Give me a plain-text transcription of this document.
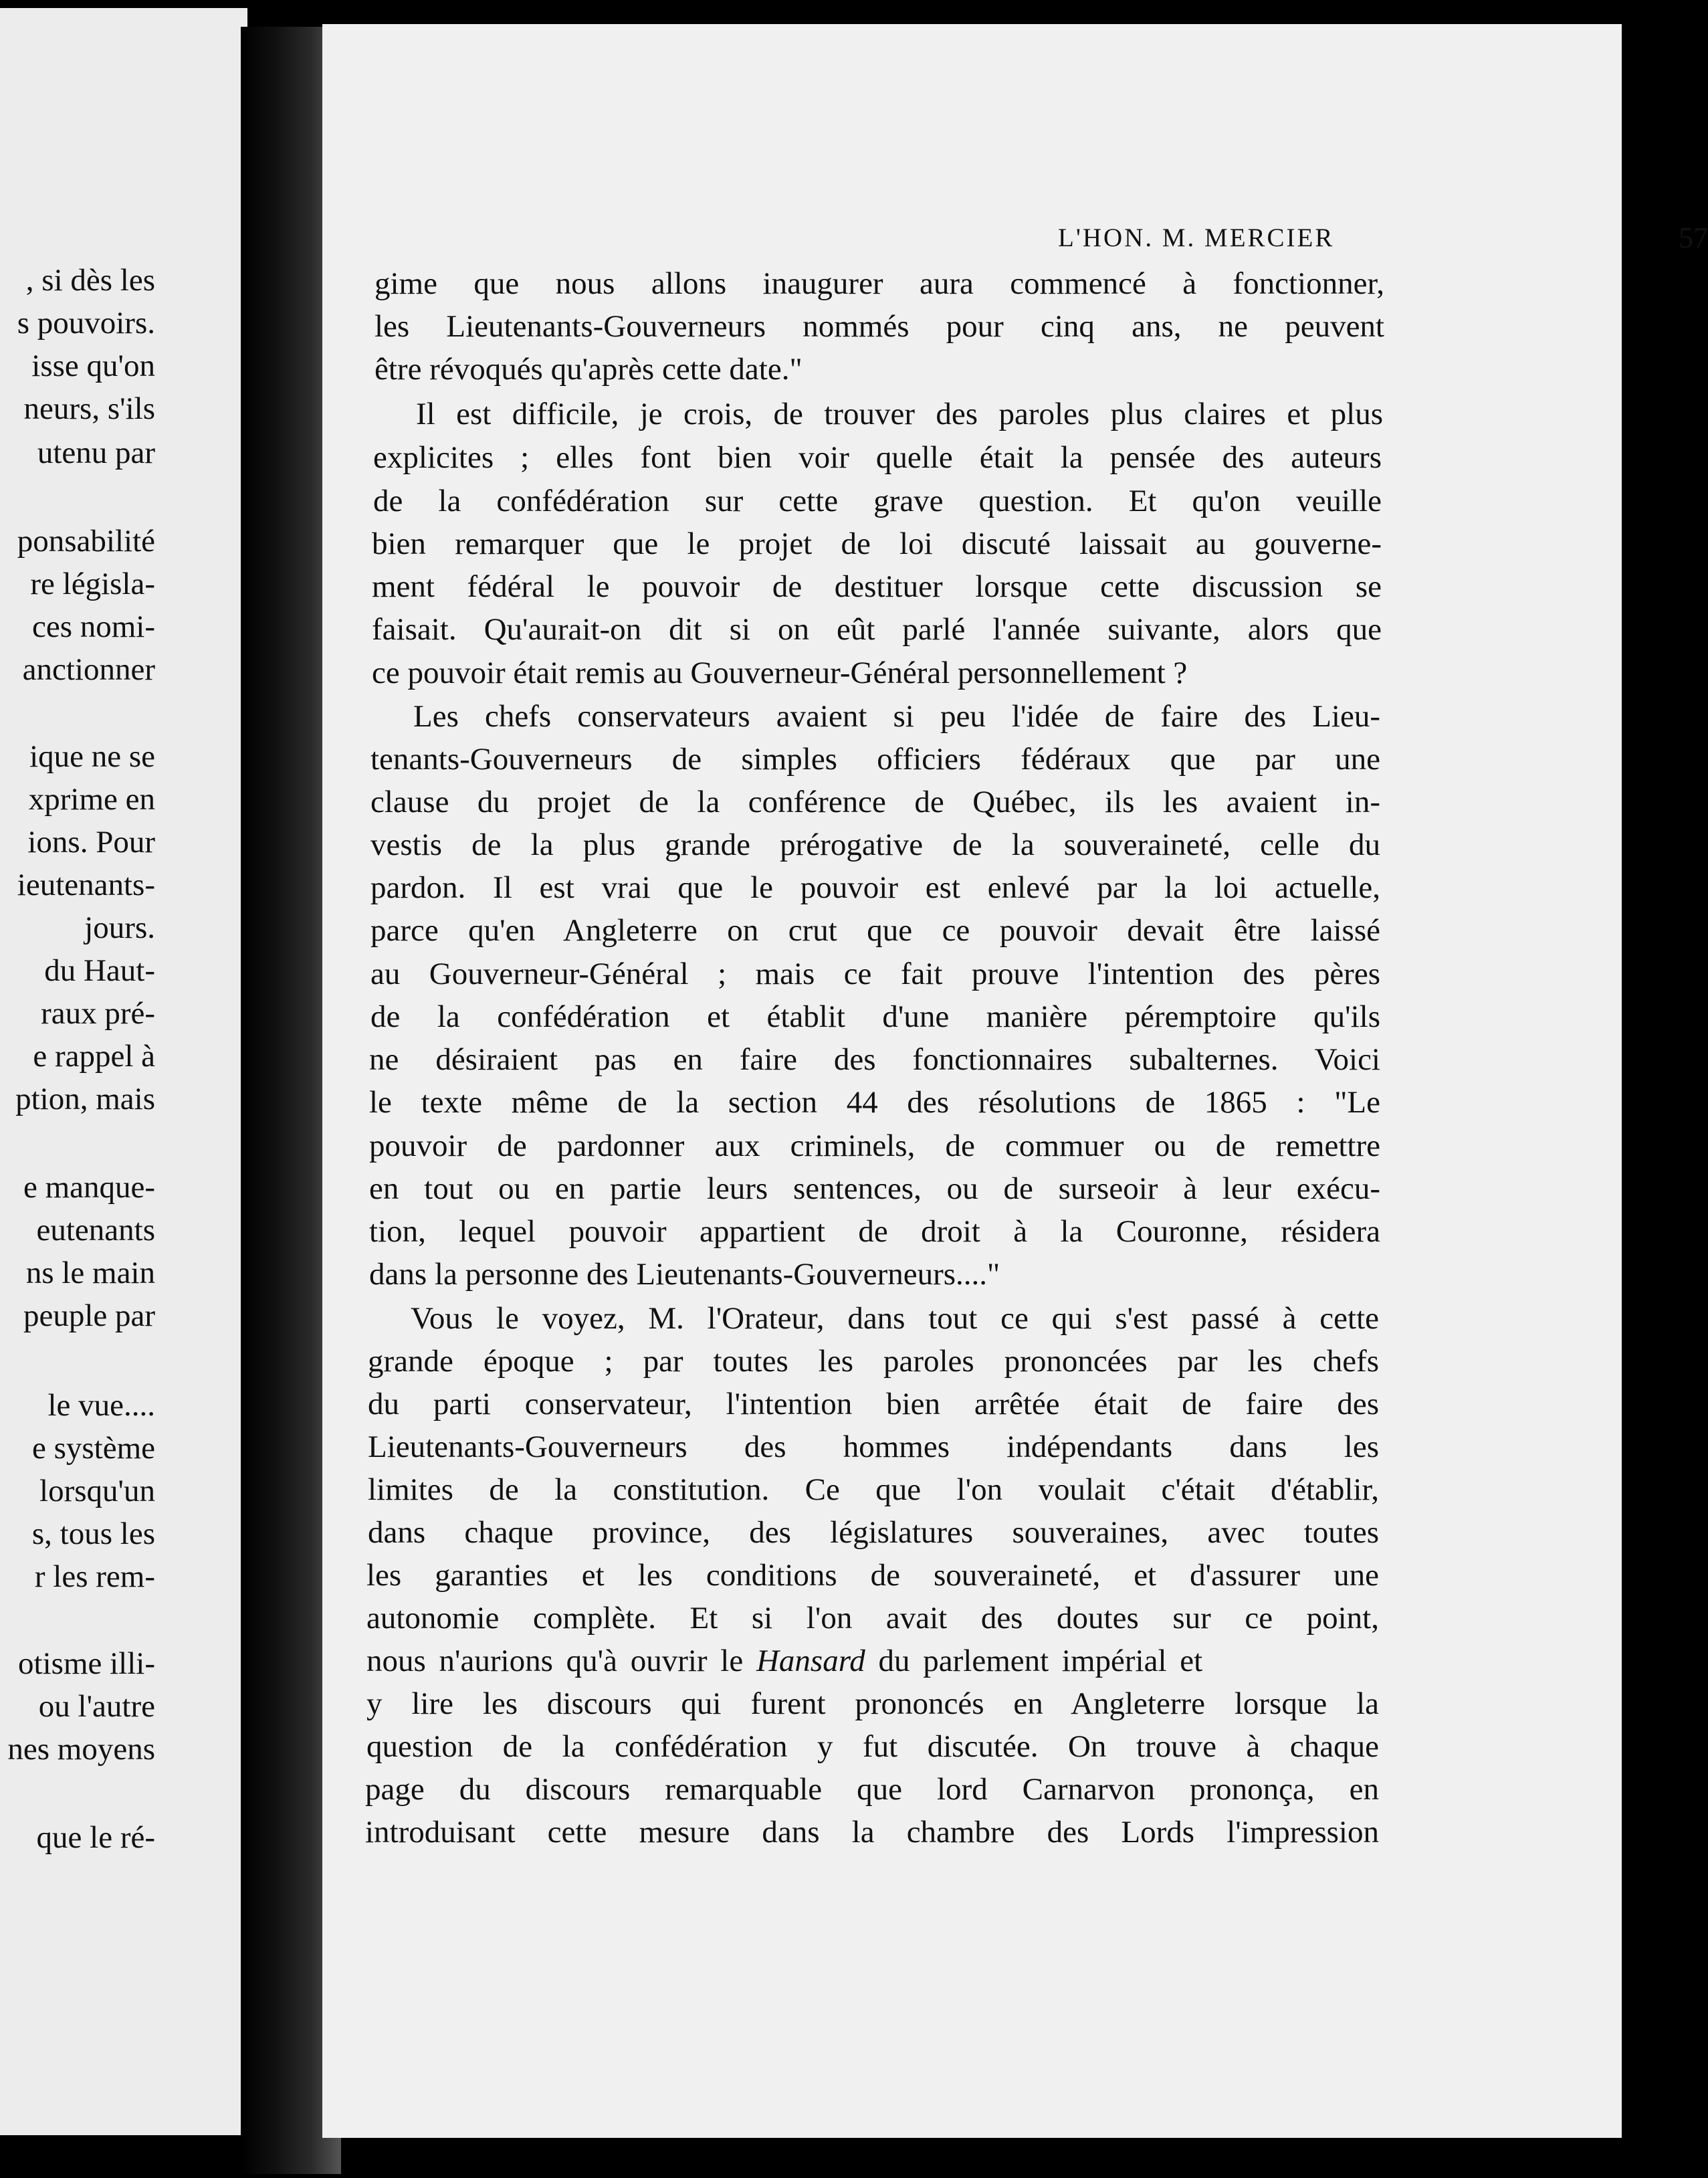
, si dès les
s pouvoirs.
isse qu'on
neurs, s'ils
utenu par
ponsabilité
re législa-
ces nomi-
anctionner
ique ne se
xprime en
ions. Pour
ieutenants-
jours.
du Haut-
raux pré-
e rappel à
ption, mais
e manque-
eutenants
ns le main
peuple par
le vue....
e système
lorsqu'un
s, tous les
r les rem-
otisme illi-
ou l'autre
nes moyens
que le ré-
L'HON. M. MERCIER	57
gime que nous allons inaugurer aura commencé à fonctionner,
les Lieutenants-Gouverneurs nommés pour cinq ans, ne peuvent
être révoqués qu'après cette date."
Il est difficile, je crois, de trouver des paroles plus claires et plus
explicites ; elles font bien voir quelle était la pensée des auteurs
de la confédération sur cette grave question. Et qu'on veuille
bien remarquer que le projet de loi discuté laissait au gouverne-
ment fédéral le pouvoir de destituer lorsque cette discussion se
faisait. Qu'aurait-on dit si on eût parlé l'année suivante, alors que
ce pouvoir était remis au Gouverneur-Général personnellement ?
Les chefs conservateurs avaient si peu l'idée de faire des Lieu-
tenants-Gouverneurs de simples officiers fédéraux que par une
clause du projet de la conférence de Québec, ils les avaient in-
vestis de la plus grande prérogative de la souveraineté, celle du
pardon. Il est vrai que le pouvoir est enlevé par la loi actuelle,
parce qu'en Angleterre on crut que ce pouvoir devait être laissé
au Gouverneur-Général ; mais ce fait prouve l'intention des pères
de la confédération et établit d'une manière péremptoire qu'ils
ne désiraient pas en faire des fonctionnaires subalternes. Voici
le texte même de la section 44 des résolutions de 1865 : "Le
pouvoir de pardonner aux criminels, de commuer ou de remettre
en tout ou en partie leurs sentences, ou de surseoir à leur exécu-
tion, lequel pouvoir appartient de droit à la Couronne, résidera
dans la personne des Lieutenants-Gouverneurs...."
Vous le voyez, M. l'Orateur, dans tout ce qui s'est passé à cette
grande époque ; par toutes les paroles prononcées par les chefs
du parti conservateur, l'intention bien arrêtée était de faire des
Lieutenants-Gouverneurs des hommes indépendants dans les
limites de la constitution. Ce que l'on voulait c'était d'établir,
dans chaque province, des législatures souveraines, avec toutes
les garanties et les conditions de souveraineté, et d'assurer une
autonomie complète. Et si l'on avait des doutes sur ce point,
nous n'aurions qu'à ouvrir le Hansard du parlement impérial et
y lire les discours qui furent prononcés en Angleterre lorsque la
question de la confédération y fut discutée. On trouve à chaque
page du discours remarquable que lord Carnarvon prononça, en
introduisant cette mesure dans la chambre des Lords l'impression
